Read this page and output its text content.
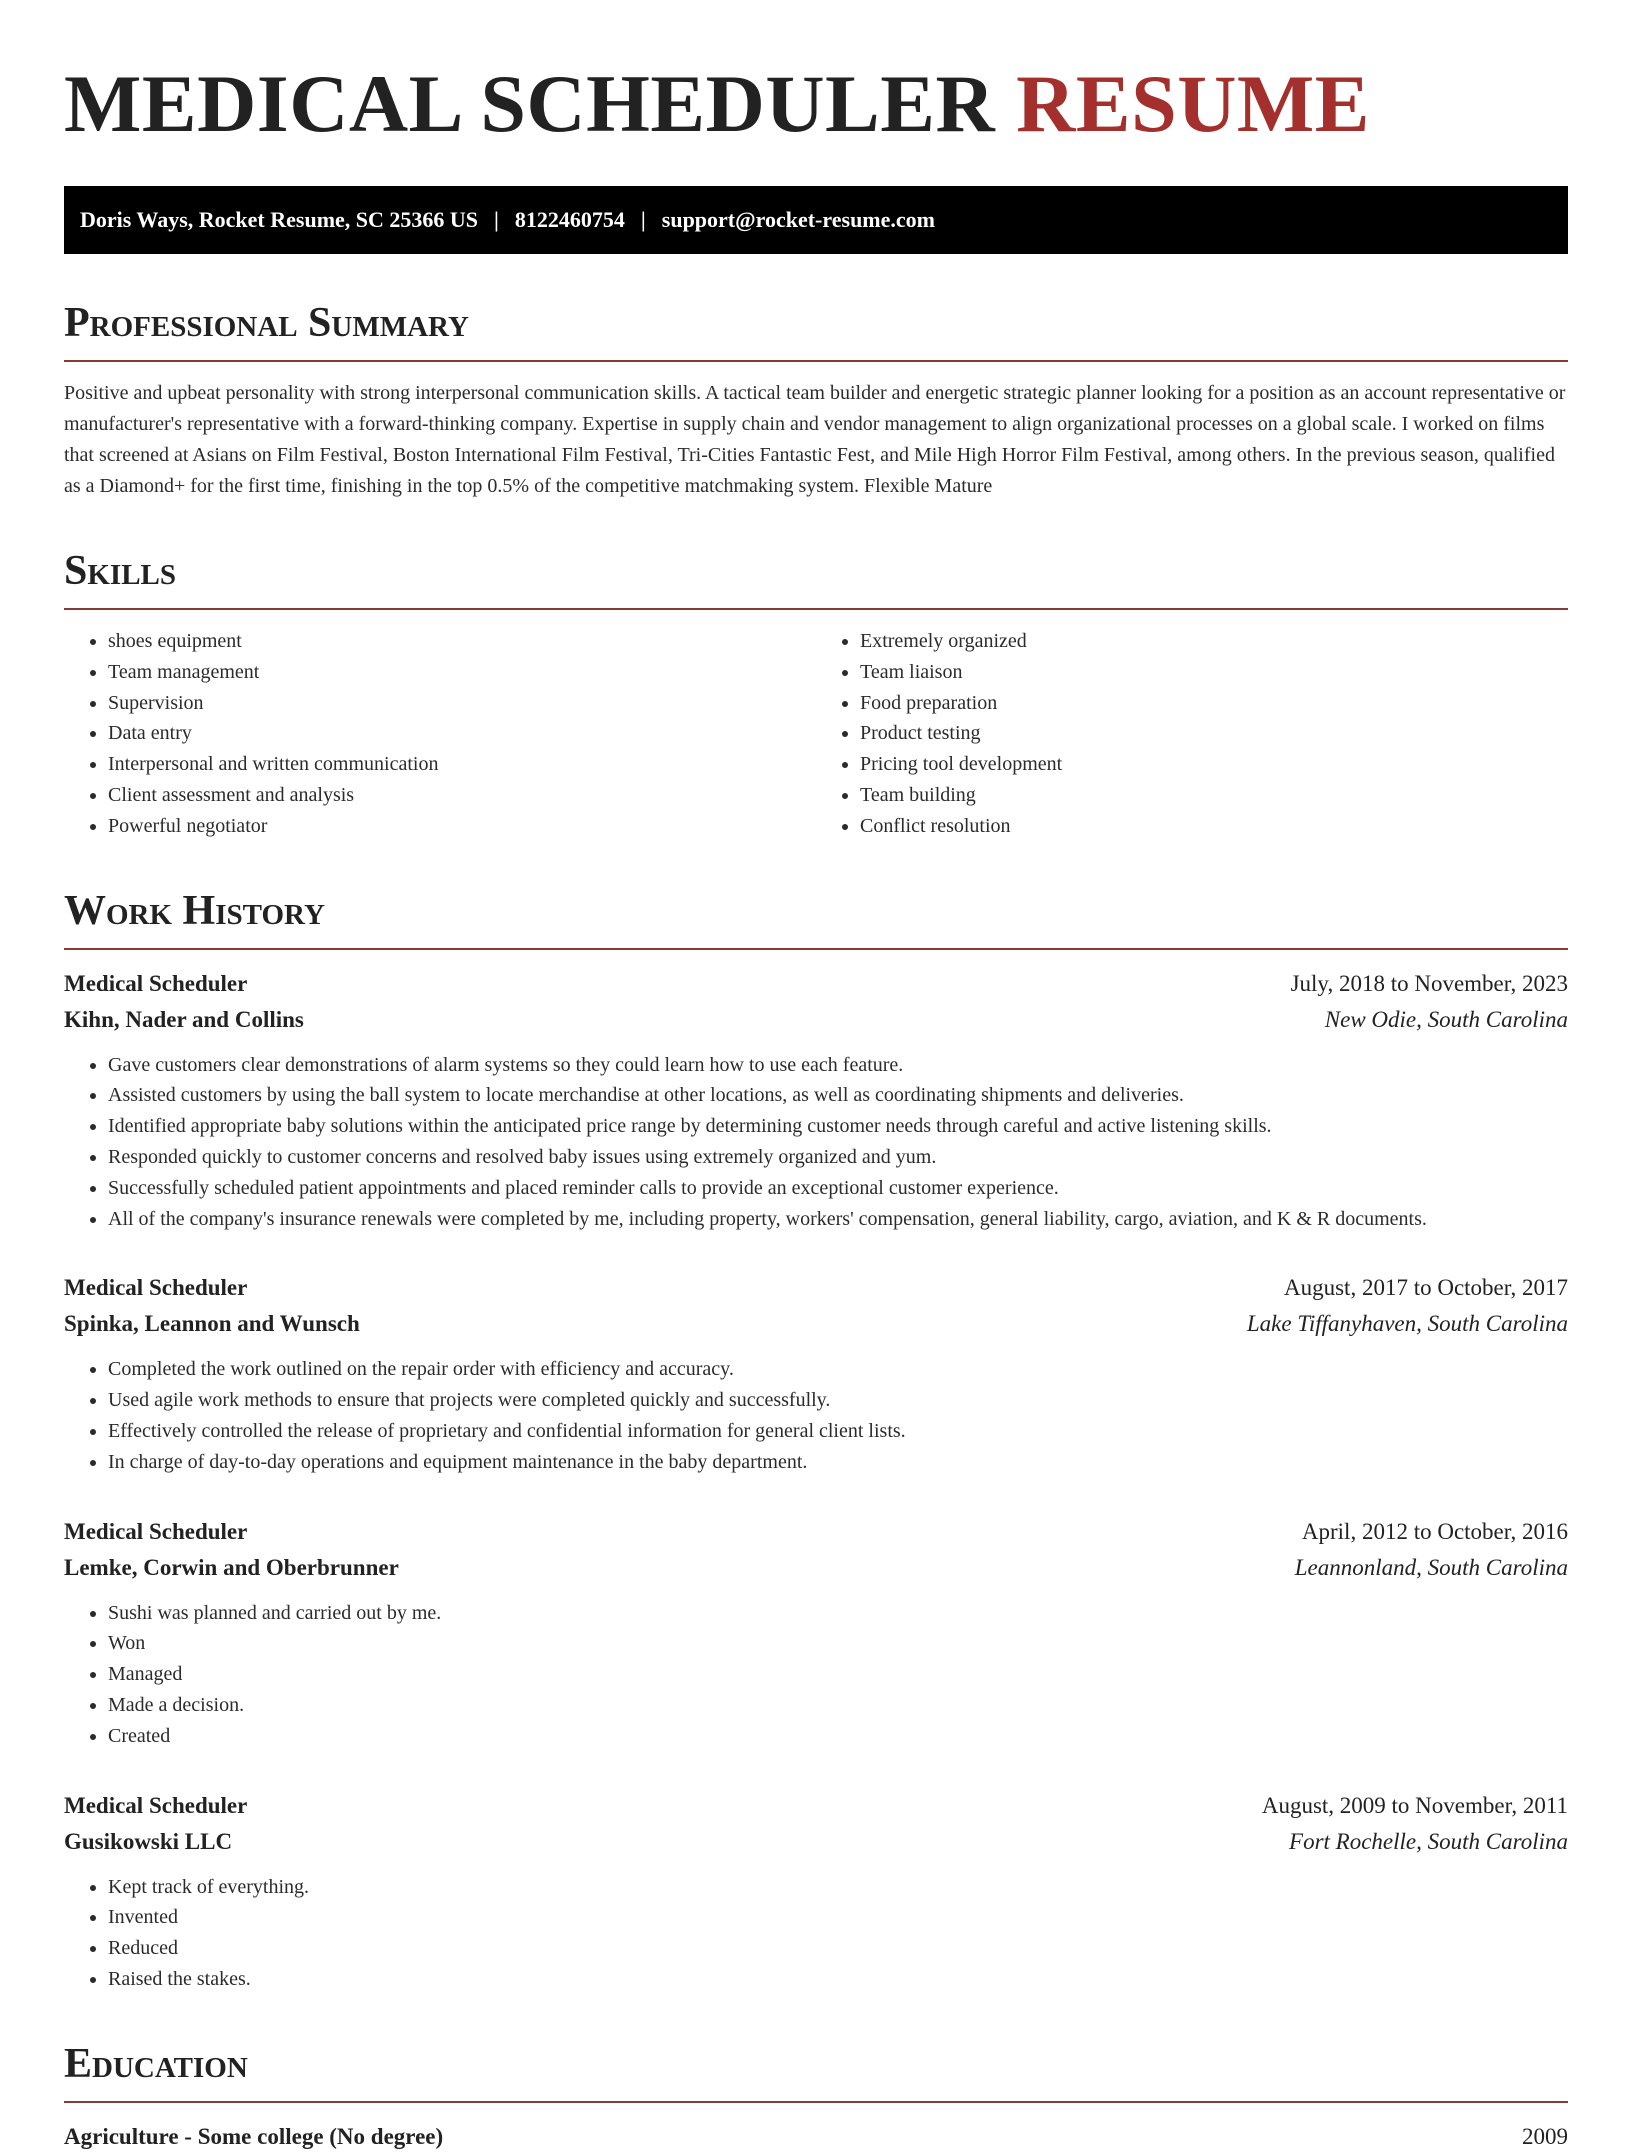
MEDICAL SCHEDULER RESUME
Doris Ways, Rocket Resume, SC 25366 US | 8122460754 | support@rocket-resume.com
Professional Summary

Positive and upbeat personality with strong interpersonal communication skills. A tactical team builder and energetic strategic planner looking for a position as an account representative or manufacturer's representative with a forward-thinking company. Expertise in supply chain and vendor management to align organizational processes on a global scale. I worked on films that screened at Asians on Film Festival, Boston International Film Festival, Tri-Cities Fantastic Fest, and Mile High Horror Film Festival, among others. In the previous season, qualified as a Diamond+ for the first time, finishing in the top 0.5% of the competitive matchmaking system. Flexible Mature

Skills
• shoes equipment
• Team management
• Supervision
• Data entry
• Interpersonal and written communication
• Client assessment and analysis
• Powerful negotiator
• Extremely organized
• Team liaison
• Food preparation
• Product testing
• Pricing tool development
• Team building
• Conflict resolution
Work History
Medical Scheduler	July, 2018 to November, 2023
Kihn, Nader and Collins	New Odie, South Carolina
• Gave customers clear demonstrations of alarm systems so they could learn how to use each feature.
• Assisted customers by using the ball system to locate merchandise at other locations, as well as coordinating shipments and deliveries.
• Identified appropriate baby solutions within the anticipated price range by determining customer needs through careful and active listening skills.
• Responded quickly to customer concerns and resolved baby issues using extremely organized and yum.
• Successfully scheduled patient appointments and placed reminder calls to provide an exceptional customer experience.
• All of the company's insurance renewals were completed by me, including property, workers' compensation, general liability, cargo, aviation, and K & R documents.
Medical Scheduler	August, 2017 to October, 2017
Spinka, Leannon and Wunsch	Lake Tiffanyhaven, South Carolina
• Completed the work outlined on the repair order with efficiency and accuracy.
• Used agile work methods to ensure that projects were completed quickly and successfully.
• Effectively controlled the release of proprietary and confidential information for general client lists.
• In charge of day-to-day operations and equipment maintenance in the baby department.
Medical Scheduler	April, 2012 to October, 2016
Lemke, Corwin and Oberbrunner	Leannonland, South Carolina
• Sushi was planned and carried out by me.
• Won
• Managed
• Made a decision.
• Created
Medical Scheduler	August, 2009 to November, 2011
Gusikowski LLC	Fort Rochelle, South Carolina
• Kept track of everything.
• Invented
• Reduced
• Raised the stakes.
Education
Agriculture - Some college (No degree)	2009
